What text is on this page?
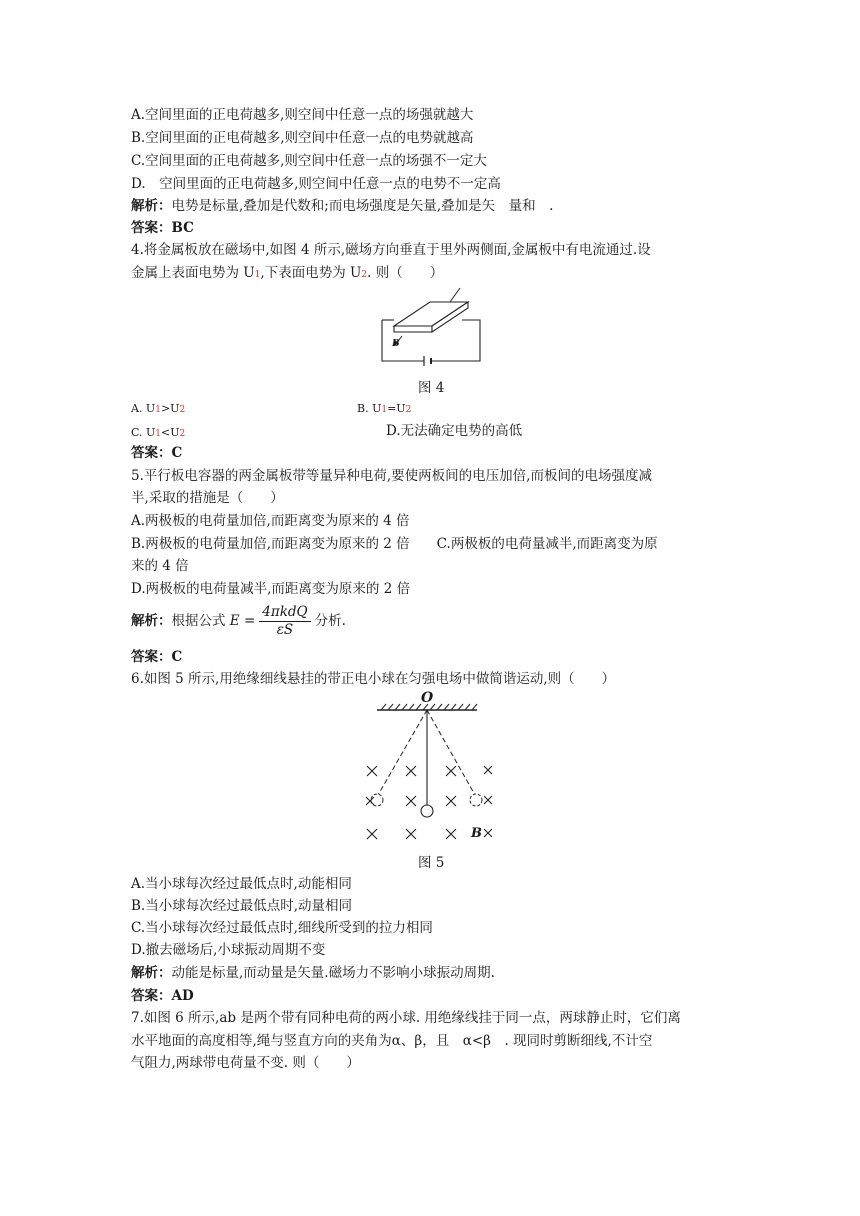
A.空间里面的正电荷越多,则空间中任意一点的场强就越大
B.空间里面的正电荷越多,则空间中任意一点的电势就越高
C.空间里面的正电荷越多,则空间中任意一点的场强不一定大
D.　空间里面的正电荷越多,则空间中任意一点的电势不一定高
解析：电势是标量,叠加是代数和;而电场强度是矢量,叠加是矢　量和　.
答案：BC
4.将金属板放在磁场中,如图 4 所示,磁场方向垂直于里外两侧面,金属板中有电流通过.设
金属上表面电势为 U1,下表面电势为 U2. 则（　　）
B
图 4
A. U1>U2	B. U1=U2
C. U1<U2	D.无法确定电势的高低
答案：C
5.平行板电容器的两金属板带等量异种电荷,要使两板间的电压加倍,而板间的电场强度减
半,采取的措施是（　　）
A.两极板的电荷量加倍,而距离变为原来的 4 倍
B.两极板的电荷量加倍,而距离变为原来的 2 倍　　C.两极板的电荷量减半,而距离变为原
来的 4 倍
D.两极板的电荷量减半,而距离变为原来的 2 倍
解析：根据公式 $E = \frac{\text{4πkdQ}}{\varepsilon S}$ 分析.
答案：C
6.如图 5 所示,用绝缘细线悬挂的带正电小球在匀强电场中做简谐运动,则（　　）
O
B
图 5
A.当小球每次经过最低点时,动能相同
B.当小球每次经过最低点时,动量相同
C.当小球每次经过最低点时,细线所受到的拉力相同
D.撤去磁场后,小球振动周期不变
解析：动能是标量,而动量是矢量.磁场力不影响小球振动周期.
答案：AD
7.如图 6 所示,ab 是两个带有同种电荷的两小球. 用绝缘线挂于同一点，两球静止时，它们离
水平地面的高度相等,绳与竖直方向的夹角为α、β，且　α<β　. 现同时剪断细线,不计空
气阻力,两球带电荷量不变. 则（　　）
